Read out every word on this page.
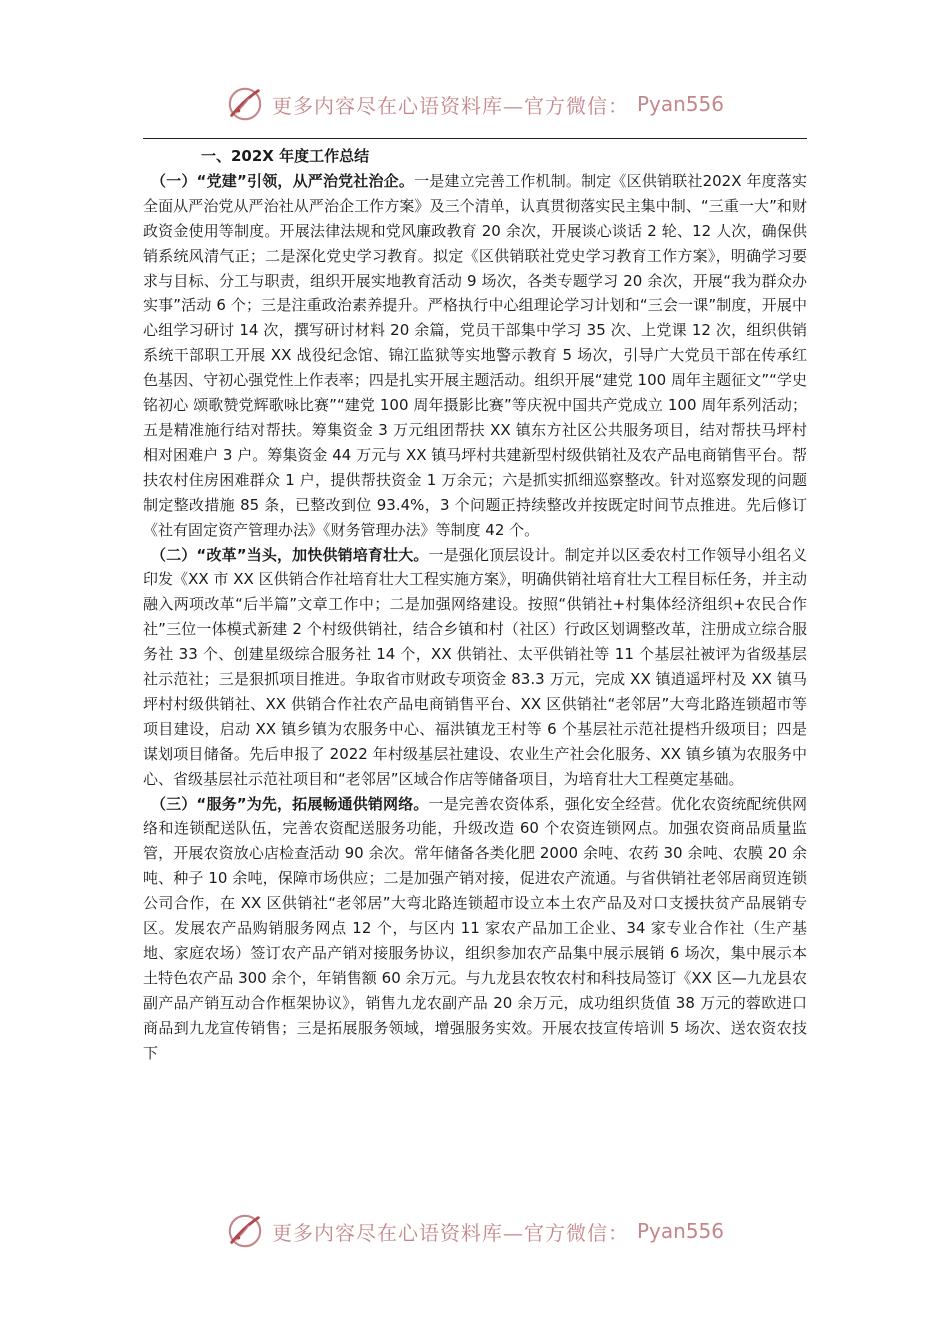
更多内容尽在心语资料库—官方微信： Pyan556
一、202X 年度工作总结

（一）“党建”引领，从严治党社治企。一是建立完善工作机制。制定《区供销联社202X 年度落实全面从严治党从严治社从严治企工作方案》及三个清单，认真贯彻落实民主集中制、“三重一大”和财政资金使用等制度。开展法律法规和党风廉政教育 20 余次，开展谈心谈话 2 轮、12 人次，确保供销系统风清气正；二是深化党史学习教育。拟定《区供销联社党史学习教育工作方案》，明确学习要求与目标、分工与职责，组织开展实地教育活动 9 场次，各类专题学习 20 余次，开展“我为群众办实事”活动 6 个；三是注重政治素养提升。严格执行中心组理论学习计划和“三会一课”制度，开展中心组学习研讨 14 次，撰写研讨材料 20 余篇，党员干部集中学习 35 次、上党课 12 次，组织供销系统干部职工开展 XX 战役纪念馆、锦江监狱等实地警示教育 5 场次，引导广大党员干部在传承红色基因、守初心强党性上作表率；四是扎实开展主题活动。组织开展“建党 100 周年主题征文”“学史铭初心 颂歌赞党辉歌咏比赛”“建党 100 周年摄影比赛”等庆祝中国共产党成立 100 周年系列活动；五是精准施行结对帮扶。筹集资金 3 万元组团帮扶 XX 镇东方社区公共服务项目，结对帮扶马坪村相对困难户 3 户。筹集资金 44 万元与 XX 镇马坪村共建新型村级供销社及农产品电商销售平台。帮扶农村住房困难群众 1 户，提供帮扶资金 1 万余元；六是抓实抓细巡察整改。针对巡察发现的问题制定整改措施 85 条，已整改到位 93.4%，3 个问题正持续整改并按既定时间节点推进。先后修订《社有固定资产管理办法》《财务管理办法》等制度 42 个。

（二）“改革”当头，加快供销培育壮大。一是强化顶层设计。制定并以区委农村工作领导小组名义印发《XX 市 XX 区供销合作社培育壮大工程实施方案》，明确供销社培育壮大工程目标任务，并主动融入两项改革“后半篇”文章工作中；二是加强网络建设。按照“供销社+村集体经济组织+农民合作社”三位一体模式新建 2 个村级供销社，结合乡镇和村（社区）行政区划调整改革，注册成立综合服务社 33 个、创建星级综合服务社 14 个，XX 供销社、太平供销社等 11 个基层社被评为省级基层社示范社；三是狠抓项目推进。争取省市财政专项资金 83.3 万元，完成 XX 镇逍遥坪村及 XX 镇马坪村村级供销社、XX 供销合作社农产品电商销售平台、XX 区供销社“老邻居”大弯北路连锁超市等项目建设，启动 XX 镇乡镇为农服务中心、福洪镇龙王村等 6 个基层社示范社提档升级项目；四是谋划项目储备。先后申报了 2022 年村级基层社建设、农业生产社会化服务、XX 镇乡镇为农服务中心、省级基层社示范社项目和“老邻居”区域合作店等储备项目，为培育壮大工程奠定基础。

（三）“服务”为先，拓展畅通供销网络。一是完善农资体系，强化安全经营。优化农资统配统供网络和连锁配送队伍，完善农资配送服务功能，升级改造 60 个农资连锁网点。加强农资商品质量监管，开展农资放心店检查活动 90 余次。常年储备各类化肥 2000 余吨、农药 30 余吨、农膜 20 余吨、种子 10 余吨，保障市场供应；二是加强产销对接，促进农产流通。与省供销社老邻居商贸连锁公司合作，在 XX 区供销社“老邻居”大弯北路连锁超市设立本土农产品及对口支援扶贫产品展销专区。发展农产品购销服务网点 12 个，与区内 11 家农产品加工企业、34 家专业合作社（生产基地、家庭农场）签订农产品产销对接服务协议，组织参加农产品集中展示展销 6 场次，集中展示本土特色农产品 300 余个，年销售额 60 余万元。与九龙县农牧农村和科技局签订《XX 区—九龙县农副产品产销互动合作框架协议》，销售九龙农副产品 20 余万元，成功组织货值 38 万元的蓉欧进口商品到九龙宣传销售；三是拓展服务领域，增强服务实效。开展农技宣传培训 5 场次、送农资农技下

更多内容尽在心语资料库—官方微信： Pyan556
